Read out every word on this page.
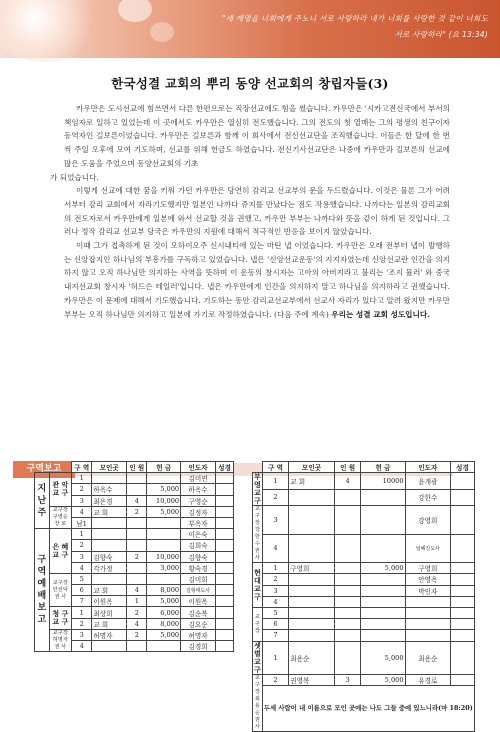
"새 계명을 너희에게 주노니 서로 사랑하라 내가 너희를 사랑한 것 같이 너희도 서로 사랑하라" (요 13:34)
한국성결 교회의 뿌리 동양 선교회의 창립자들(3)

카우만은 도시선교에 힘쓰면서 다른 한편으로는 직장선교에도 힘을 썼습니다. 카우만은 '시카고전신국에서 부서의 책임자로 일하고 있었는데 이 곳에서도 카우만은 열심히 전도했습니다. 그의 전도의 첫 열매는 그의 평생의 친구이자 동역자인 길보른이었습니다. 카우만은 길보른과 함께 이 회사에서 전신선교단을 조직했습니다. 이들은 한 달에 한 번씩 주일 오후에 모여 기도하며, 선교를 위해 헌금도 하였습니다. 전신기사선교단은 나중에 카우만과 길보른의 선교에 많은 도움을 주었으며 동양선교회의 기초

가 되었습니다.

이렇게 선교에 대한 꿈을 키워 가던 카우만은 당연히 감리교 선교부의 문을 두드렸습니다. 이것은 물론 그가 어려서부터 감리 교회에서 자라기도했지만 일본인 나까다 쥬지를 만났다는 점도 작용했습니다. 나까다는 일본의 감리교회의 전도자로서 카우만에게 일본에 와서 선교할 것을 권했고, 카우만 부부는 나까다와 뜻을 같이 하게 된 것입니다. 그러나 정작 감리교 선교부 당국은 카우만의 지원에 대해서 적극적인 반응을 보이지 않았습니다.

이때 그가 접촉하게 된 것이 오하이오주 신시내티에 있는 마틴 냅 이었습니다. 카우만은 오래 전부터 냅이 발행하는 신앙잡지인 하나님의 부흥가를 구독하고 있었습니다. 냅은 '신앙선교운동'의 지지자였는데 신앙선교란 인간을 의지하지 않고 오직 하나님만 의지하는 사역을 뜻하며 이 운동의 창시자는 고아의 아버지라고 불리는 '조지 뮬러' 와 중국내지선교회 창시자 '허드슨 테일러'입니다. 냅은 카우만에게 인간을 의지하지 말고 하나님을 의지하라고 권했습니다. 카우만은 이 문제에 대해서 기도했습니다. 기도하는 동안 감리교선교부에서 선교사 자리가 있다고 알려 왔지만 카우만 부부는 오직 하나님만 의지하고 일본에 가기로 작정하였습니다. (다음 주에 계속) 우리는 성결 교회 성도입니다.

구역보고
			구 역	모인곳	인 원	헌 금	인도자	성경
지 난 주	관 악 교 구	1				김미연	
		2	하옥수		5,000	하옥수	
		3	최은경	4	10,000	구영순	
	교구장 구영순 장 로	4	교 회	2	5,000	김정자	
		남1				부옥자	
구 역 예 배 보 고	은 혜 교 구	1				이은숙	
		2				김희숙	
		3	김향숙	2	10,000	김향숙	
		4	각가정		3,000	황숙경	
	교구장 안선덕 권 사	5				김미희	
		6	교 회	4	8,000	김형태도사	
		7	이원옥	1	5,000	이원옥	
	청 구 교 구	1	최상희	2	6,000	김순복	
		2	교 회	4	8,000	김요순	
	교구장 허명자 권 사	3	허명자	2	5,000	허명자	
		4				김경희	
	구 역	모인곳	인 원	헌 금	인도자	성경
부 영 교 구	1	교 회	4	10000	윤개광	
	2				강한수	
교구장 강한수 권 사	3				강영희	
	4				임혜진도사	
현 대 교 구	1	구영희		5,000	구영희	
	2				안영옥	
	3				박인자	
	4					
교구장	5					
	6					
	7					
셋 별 교 구	1	최용순		5,000	최용순	
교구장 최용순 권 사	2	권영복	3	5,000	유경로	
	두세 사람이 내 이름으로 모인 곳에는 나도 그들 중에 있느니라(마 18:20)					
